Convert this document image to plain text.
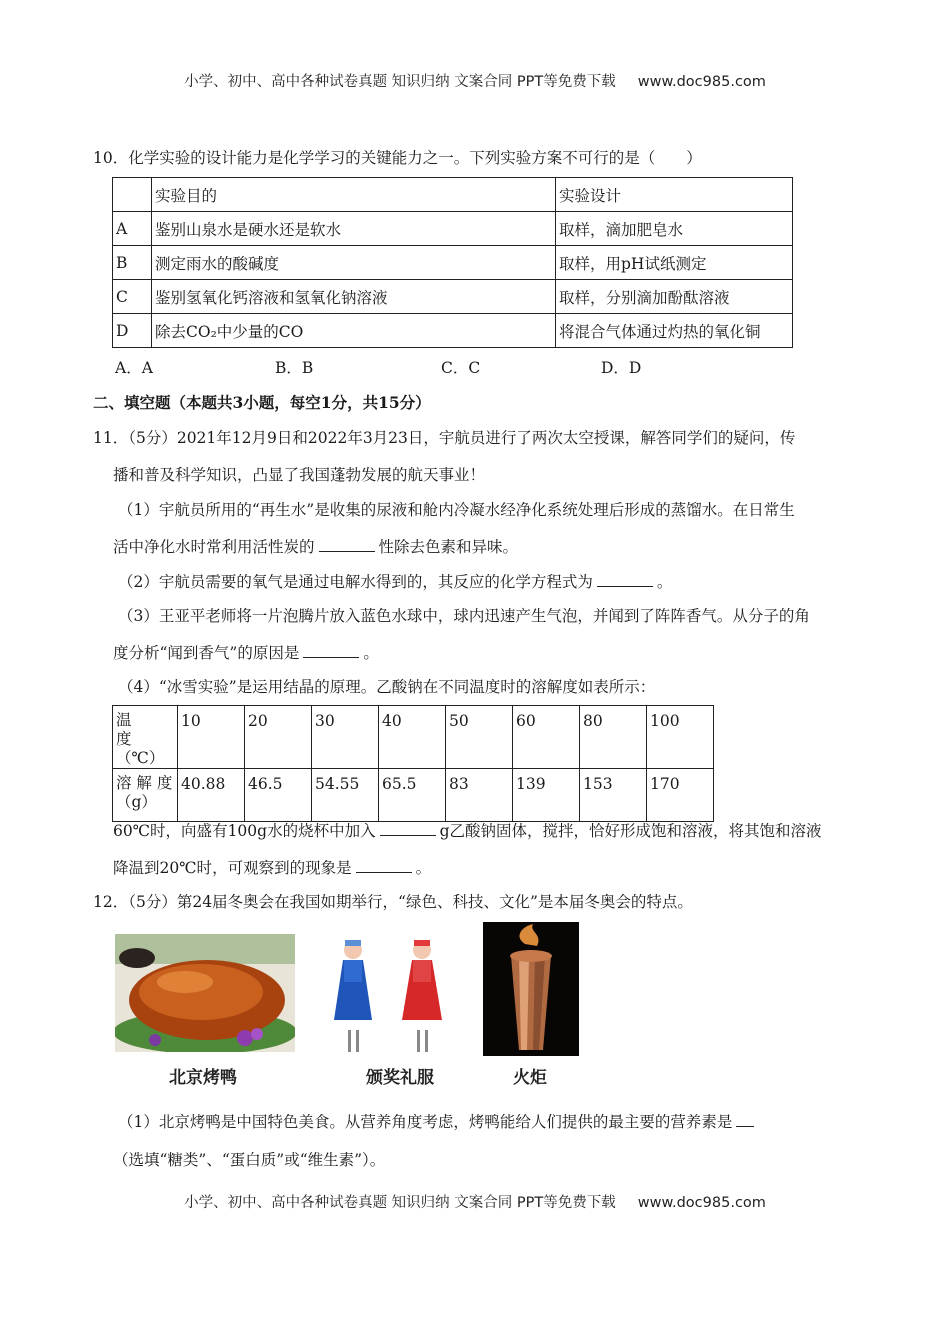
小学、初中、高中各种试卷真题 知识归纳 文案合同 PPT等免费下载 www.doc985.com
10．化学实验的设计能力是化学学习的关键能力之一。下列实验方案不可行的是（　　）
	实验目的	实验设计
A	鉴别山泉水是硬水还是软水	取样，滴加肥皂水
B	测定雨水的酸碱度	取样，用pH试纸测定
C	鉴别氢氧化钙溶液和氢氧化钠溶液	取样，分别滴加酚酞溶液
D	除去CO₂中少量的CO	将混合气体通过灼热的氧化铜
A．A	B．B	C．C	D．D
二、填空题（本题共3小题，每空1分，共15分）
11．（5分）2021年12月9日和2022年3月23日，宇航员进行了两次太空授课，解答同学们的疑问，传
播和普及科学知识，凸显了我国蓬勃发展的航天事业！
（1）宇航员所用的“再生水”是收集的尿液和舱内冷凝水经净化系统处理后形成的蒸馏水。在日常生
活中净化水时常利用活性炭的	性除去色素和异味。
（2）宇航员需要的氧气是通过电解水得到的，其反应的化学方程式为	。
（3）王亚平老师将一片泡腾片放入蓝色水球中，球内迅速产生气泡，并闻到了阵阵香气。从分子的角
度分析“闻到香气”的原因是	。
（4）“冰雪实验”是运用结晶的原理。乙酸钠在不同温度时的溶解度如表所示：
温　　度
（℃）	10	20	30	40	50	60	80	100

溶 解 度
（g）	40.88	46.5	54.55	65.5	83	139	153	170
60℃时，向盛有100g水的烧杯中加入	g乙酸钠固体，搅拌，恰好形成饱和溶液，将其饱和溶液
降温到20℃时，可观察到的现象是	。
12．（5分）第24届冬奥会在我国如期举行，“绿色、科技、文化”是本届冬奥会的特点。
北京烤鸭	颁奖礼服	火炬
（1）北京烤鸭是中国特色美食。从营养角度考虑，烤鸭能给人们提供的最主要的营养素是
（选填“糖类”、“蛋白质”或“维生素”）。
小学、初中、高中各种试卷真题 知识归纳 文案合同 PPT等免费下载 www.doc985.com
